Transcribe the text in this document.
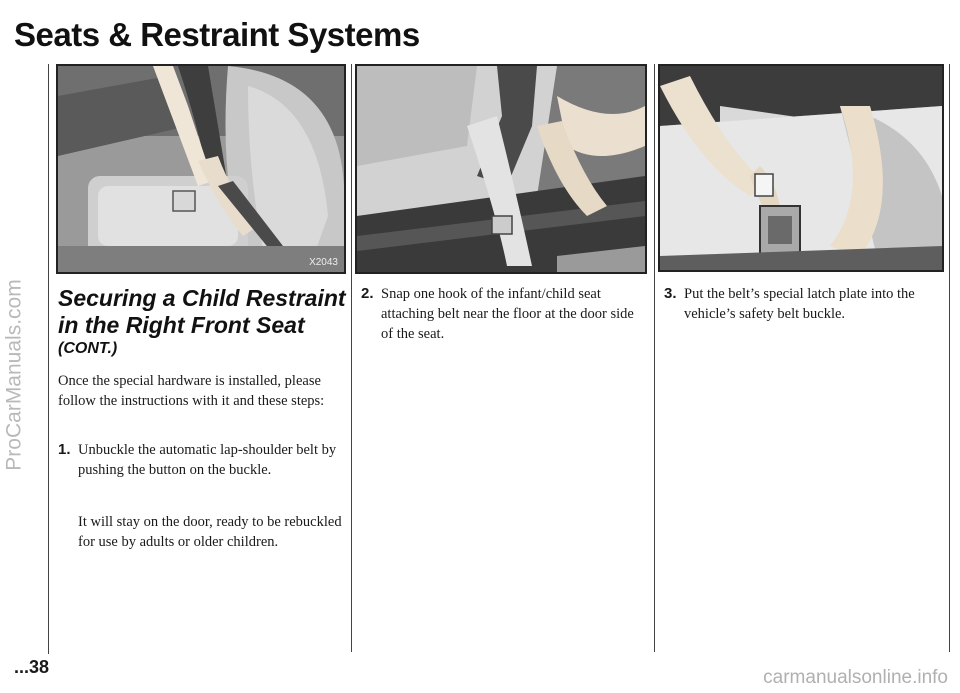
Seats & Restraint Systems
ProCarManuals.com
X2043
Securing a Child Restraint in the Right Front Seat
(CONT.)
Once the special hardware is installed, please follow the instructions with it and these steps:
1. Unbuckle the automatic lap-shoulder belt by pushing the button on the buckle.
It will stay on the door, ready to be rebuckled for use by adults or older children.
2. Snap one hook of the infant/child seat attaching belt near the floor at the door side of the seat.
3. Put the belt’s special latch plate into the vehicle’s safety belt buckle.
...38	carmanualsonline.info
